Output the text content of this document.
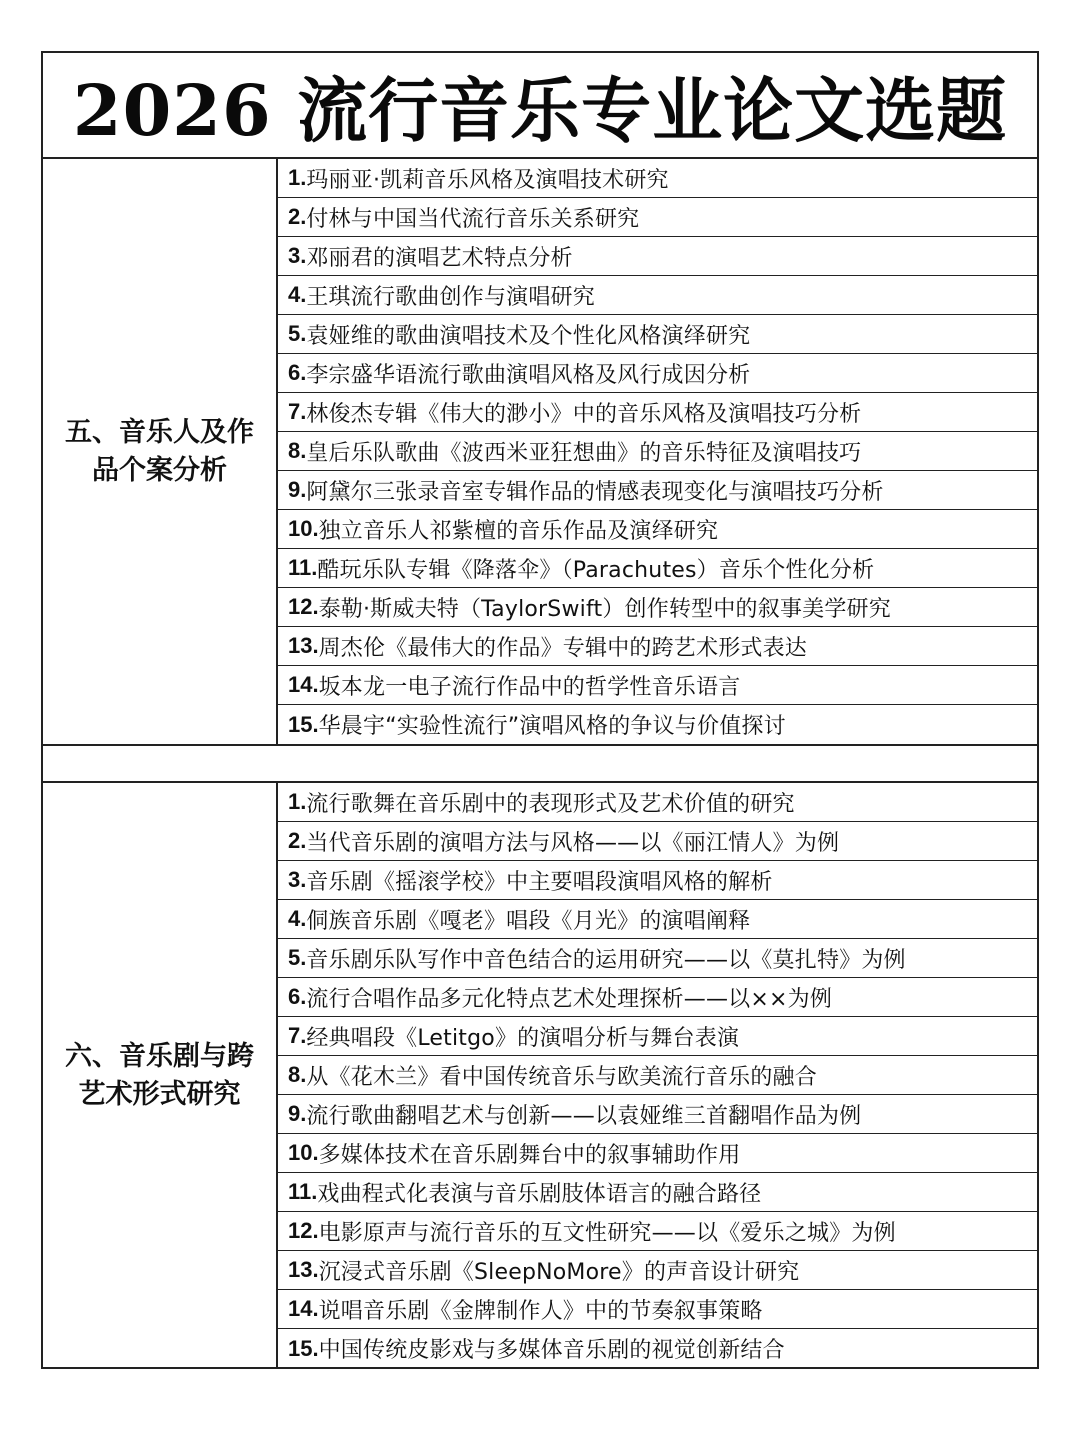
2026 流行音乐专业论文选题
五、音乐人及作品个案分析
1. 玛丽亚·凯莉音乐风格及演唱技术研究
2. 付林与中国当代流行音乐关系研究
3. 邓丽君的演唱艺术特点分析
4. 王琪流行歌曲创作与演唱研究
5. 袁娅维的歌曲演唱技术及个性化风格演绎研究
6. 李宗盛华语流行歌曲演唱风格及风行成因分析
7. 林俊杰专辑《伟大的渺小》中的音乐风格及演唱技巧分析
8. 皇后乐队歌曲《波西米亚狂想曲》的音乐特征及演唱技巧
9. 阿黛尔三张录音室专辑作品的情感表现变化与演唱技巧分析
10. 独立音乐人祁紫檀的音乐作品及演绎研究
11. 酷玩乐队专辑《降落伞》（Parachutes）音乐个性化分析
12. 泰勒·斯威夫特（TaylorSwift）创作转型中的叙事美学研究
13. 周杰伦《最伟大的作品》专辑中的跨艺术形式表达
14. 坂本龙一电子流行作品中的哲学性音乐语言
15. 华晨宇“实验性流行”演唱风格的争议与价值探讨
六、音乐剧与跨艺术形式研究
1. 流行歌舞在音乐剧中的表现形式及艺术价值的研究
2. 当代音乐剧的演唱方法与风格——以《丽江情人》为例
3. 音乐剧《摇滚学校》中主要唱段演唱风格的解析
4. 侗族音乐剧《嘎老》唱段《月光》的演唱阐释
5. 音乐剧乐队写作中音色结合的运用研究——以《莫扎特》为例
6. 流行合唱作品多元化特点艺术处理探析——以××为例
7. 经典唱段《Letitgo》的演唱分析与舞台表演
8. 从《花木兰》看中国传统音乐与欧美流行音乐的融合
9. 流行歌曲翻唱艺术与创新——以袁娅维三首翻唱作品为例
10. 多媒体技术在音乐剧舞台中的叙事辅助作用
11. 戏曲程式化表演与音乐剧肢体语言的融合路径
12. 电影原声与流行音乐的互文性研究——以《爱乐之城》为例
13. 沉浸式音乐剧《SleepNoMore》的声音设计研究
14. 说唱音乐剧《金牌制作人》中的节奏叙事策略
15. 中国传统皮影戏与多媒体音乐剧的视觉创新结合
